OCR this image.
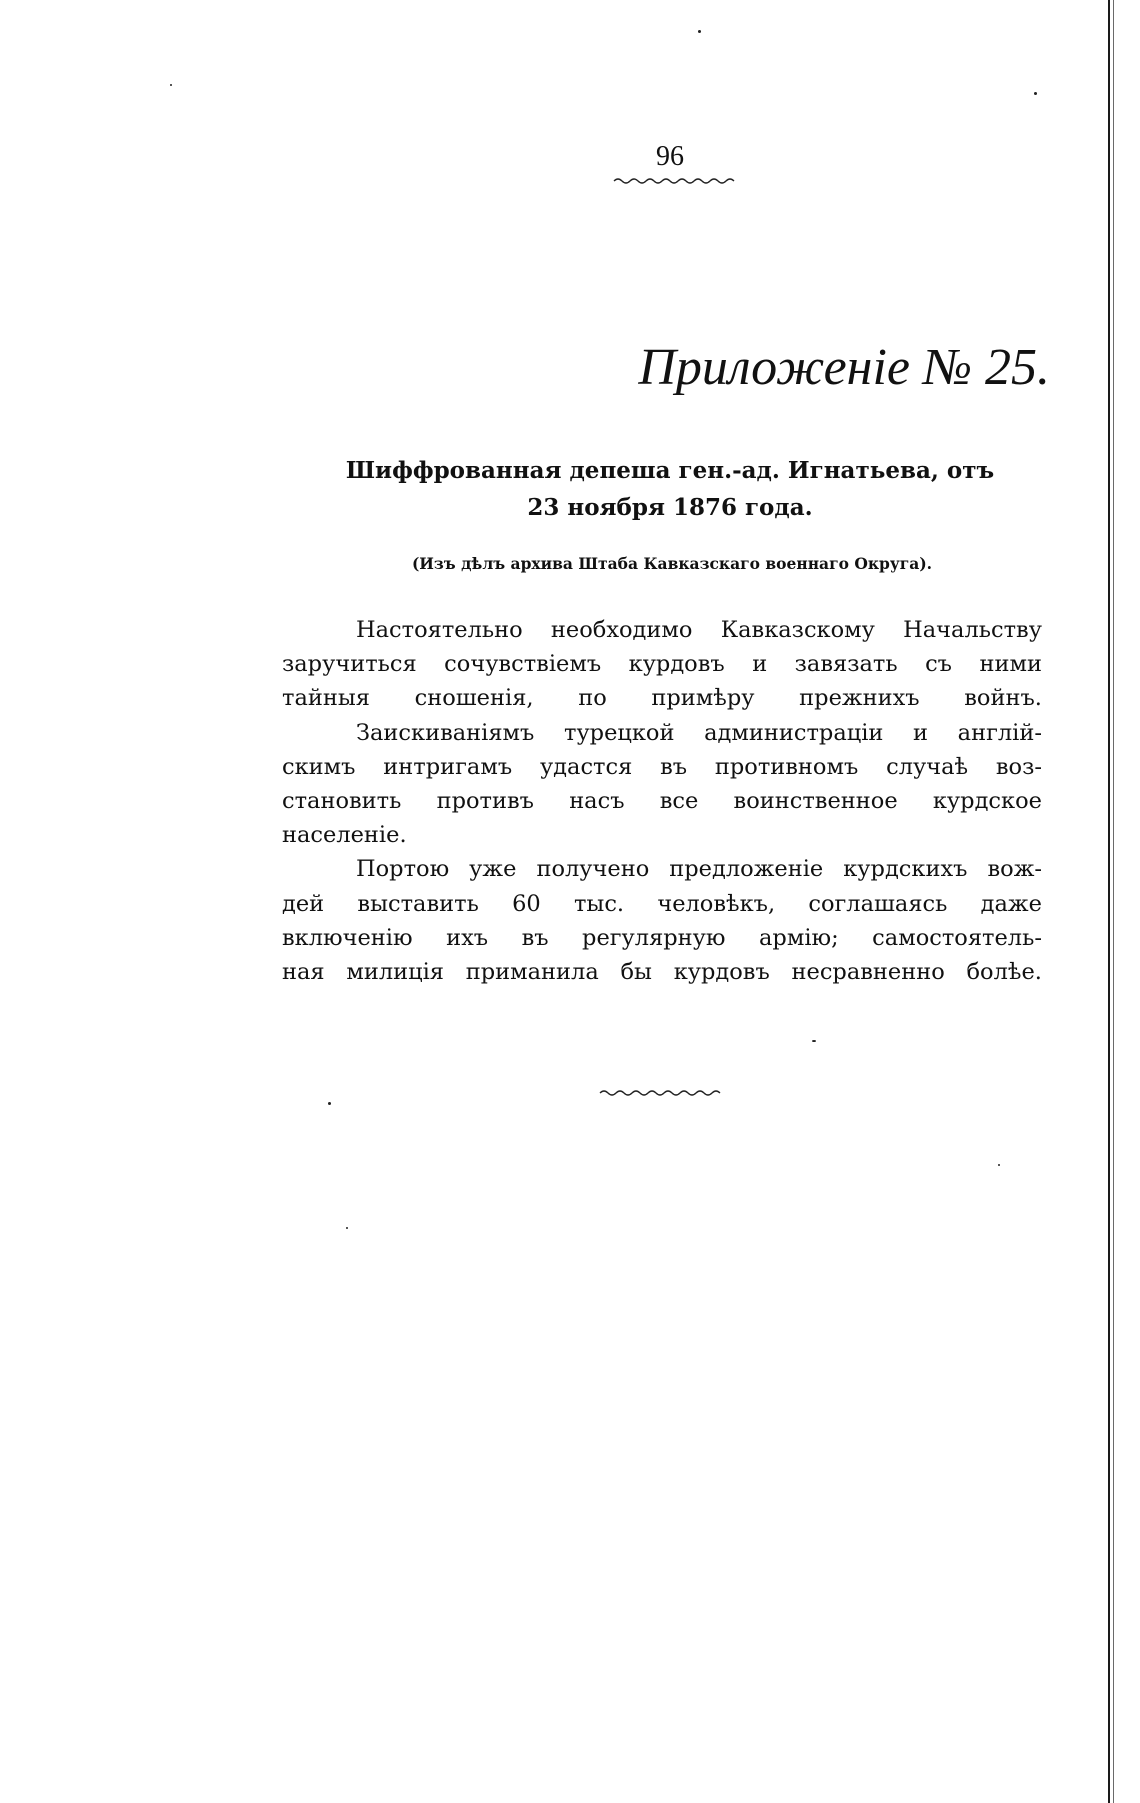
96
Приложеніе № 25.
Шиффрованная депеша ген.-ад. Игнатьева, отъ
23 ноября 1876 года.
(Изъ дѣлъ архива Штаба Кавказскаго военнаго Округа).
Настоятельно необходимо Кавказскому Начальству
заручиться сочувствіемъ курдовъ и завязать съ ними
тайныя сношенія, по примѣру прежнихъ войнъ.
Заискиваніямъ турецкой администраціи и англій-
скимъ интригамъ удастся въ противномъ случаѣ воз-
становить противъ насъ все воинственное курдское
населеніе.
Портою уже получено предложеніе курдскихъ вож-
дей выставить 60 тыс. человѣкъ, соглашаясь даже
включенію ихъ въ регулярную армію; самостоятель-
ная милиція приманила бы курдовъ несравненно болѣе.
